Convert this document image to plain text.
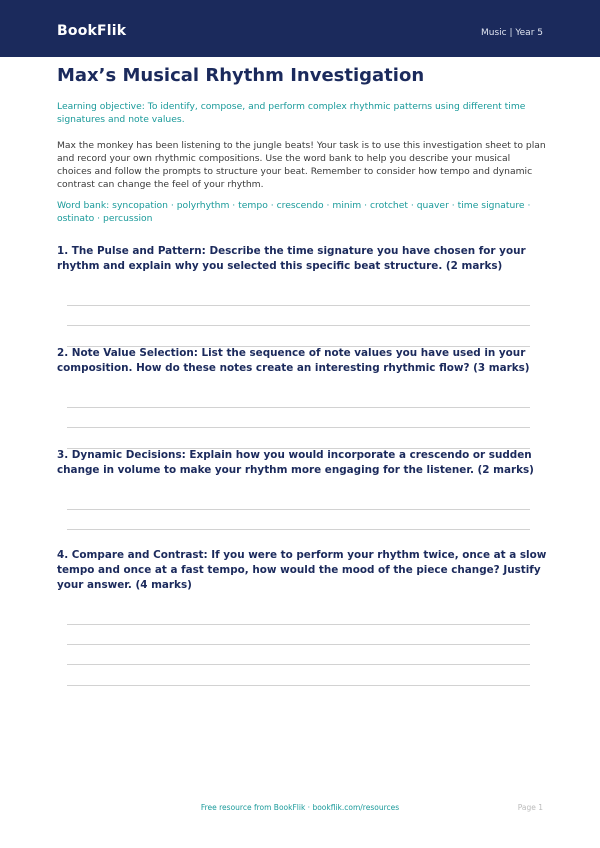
BookFlik	Music | Year 5
Max’s Musical Rhythm Investigation

Learning objective: To identify, compose, and perform complex rhythmic patterns using different time signatures and note values.

Max the monkey has been listening to the jungle beats! Your task is to use this investigation sheet to plan and record your own rhythmic compositions. Use the word bank to help you describe your musical choices and follow the prompts to structure your beat. Remember to consider how tempo and dynamic contrast can change the feel of your rhythm.

Word bank: syncopation · polyrhythm · tempo · crescendo · minim · crotchet · quaver · time signature · ostinato · percussion

1. The Pulse and Pattern: Describe the time signature you have chosen for your rhythm and explain why you selected this specific beat structure. (2 marks)

2. Note Value Selection: List the sequence of note values you have used in your composition. How do these notes create an interesting rhythmic flow? (3 marks)

3. Dynamic Decisions: Explain how you would incorporate a crescendo or sudden change in volume to make your rhythm more engaging for the listener. (2 marks)

4. Compare and Contrast: If you were to perform your rhythm twice, once at a slow tempo and once at a fast tempo, how would the mood of the piece change? Justify your answer. (4 marks)

Free resource from BookFlik · bookflik.com/resources	Page 1
